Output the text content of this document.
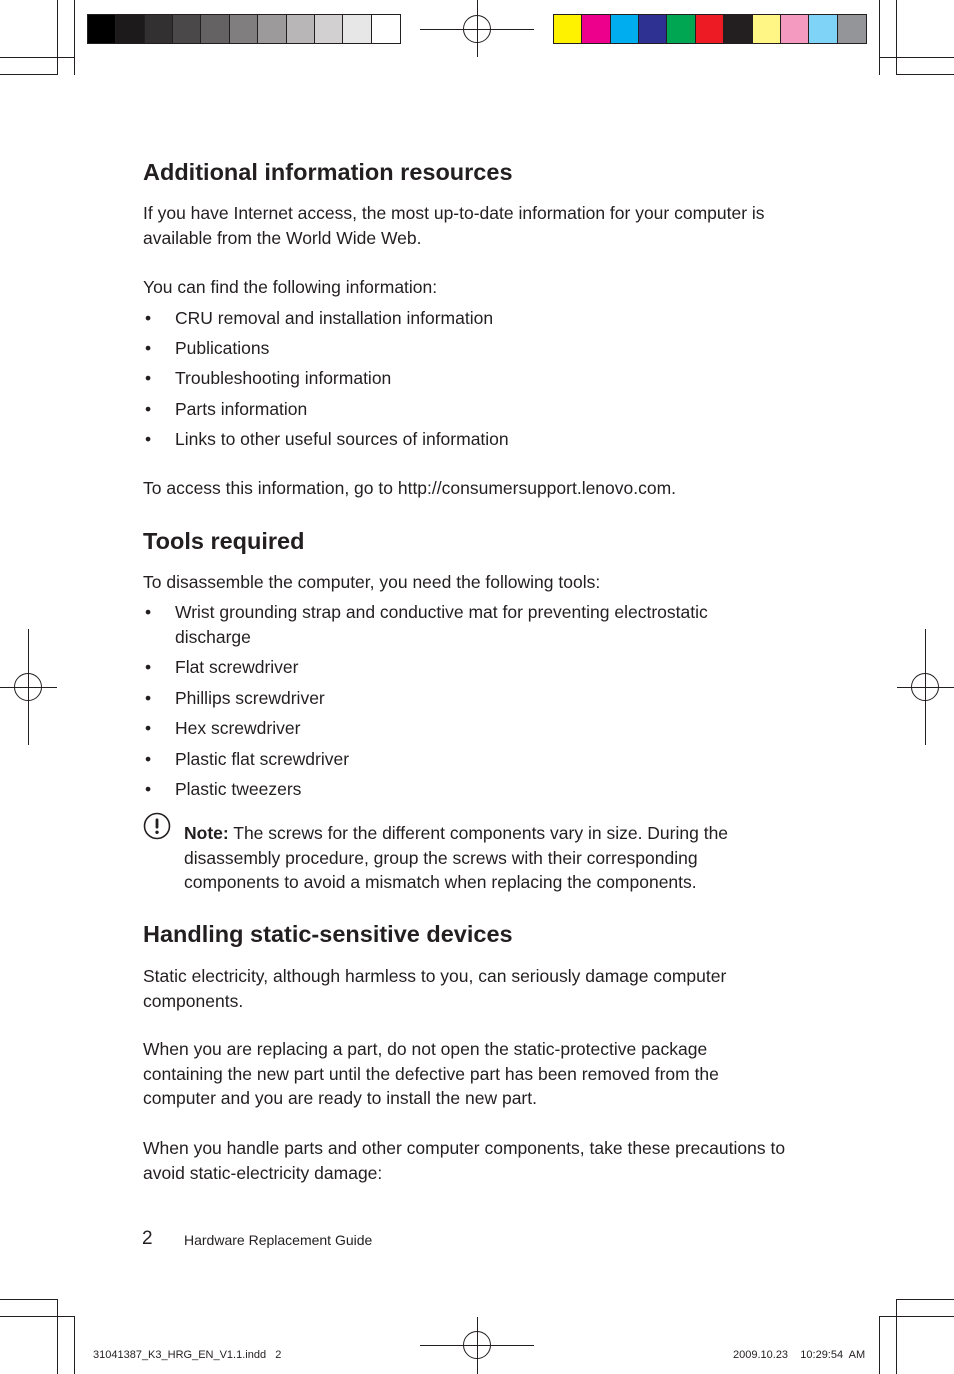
Additional information resources

If you have Internet access, the most up-to-date information for your computer is
available from the World Wide Web.

You can find the following information:

• CRU removal and installation information
• Publications
• Troubleshooting information
• Parts information
• Links to other useful sources of information

To access this information, go to http://consumersupport.lenovo.com.

Tools required

To disassemble the computer, you need the following tools:

• Wrist grounding strap and conductive mat for preventing electrostatic discharge
• Flat screwdriver
• Phillips screwdriver
• Hex screwdriver
• Plastic flat screwdriver
• Plastic tweezers
Note: The screws for the different components vary in size. During the disassembly procedure, group the screws with their corresponding components to avoid a mismatch when replacing the components.
Handling static-sensitive devices

Static electricity, although harmless to you, can seriously damage computer components.

When you are replacing a part, do not open the static-protective package containing the new part until the defective part has been removed from the computer and you are ready to install the new part.

When you handle parts and other computer components, take these precautions to avoid static-electricity damage:

2 Hardware Replacement Guide
31041387_K3_HRG_EN_V1.1.indd   2	2009.10.23    10:29:54  AM
